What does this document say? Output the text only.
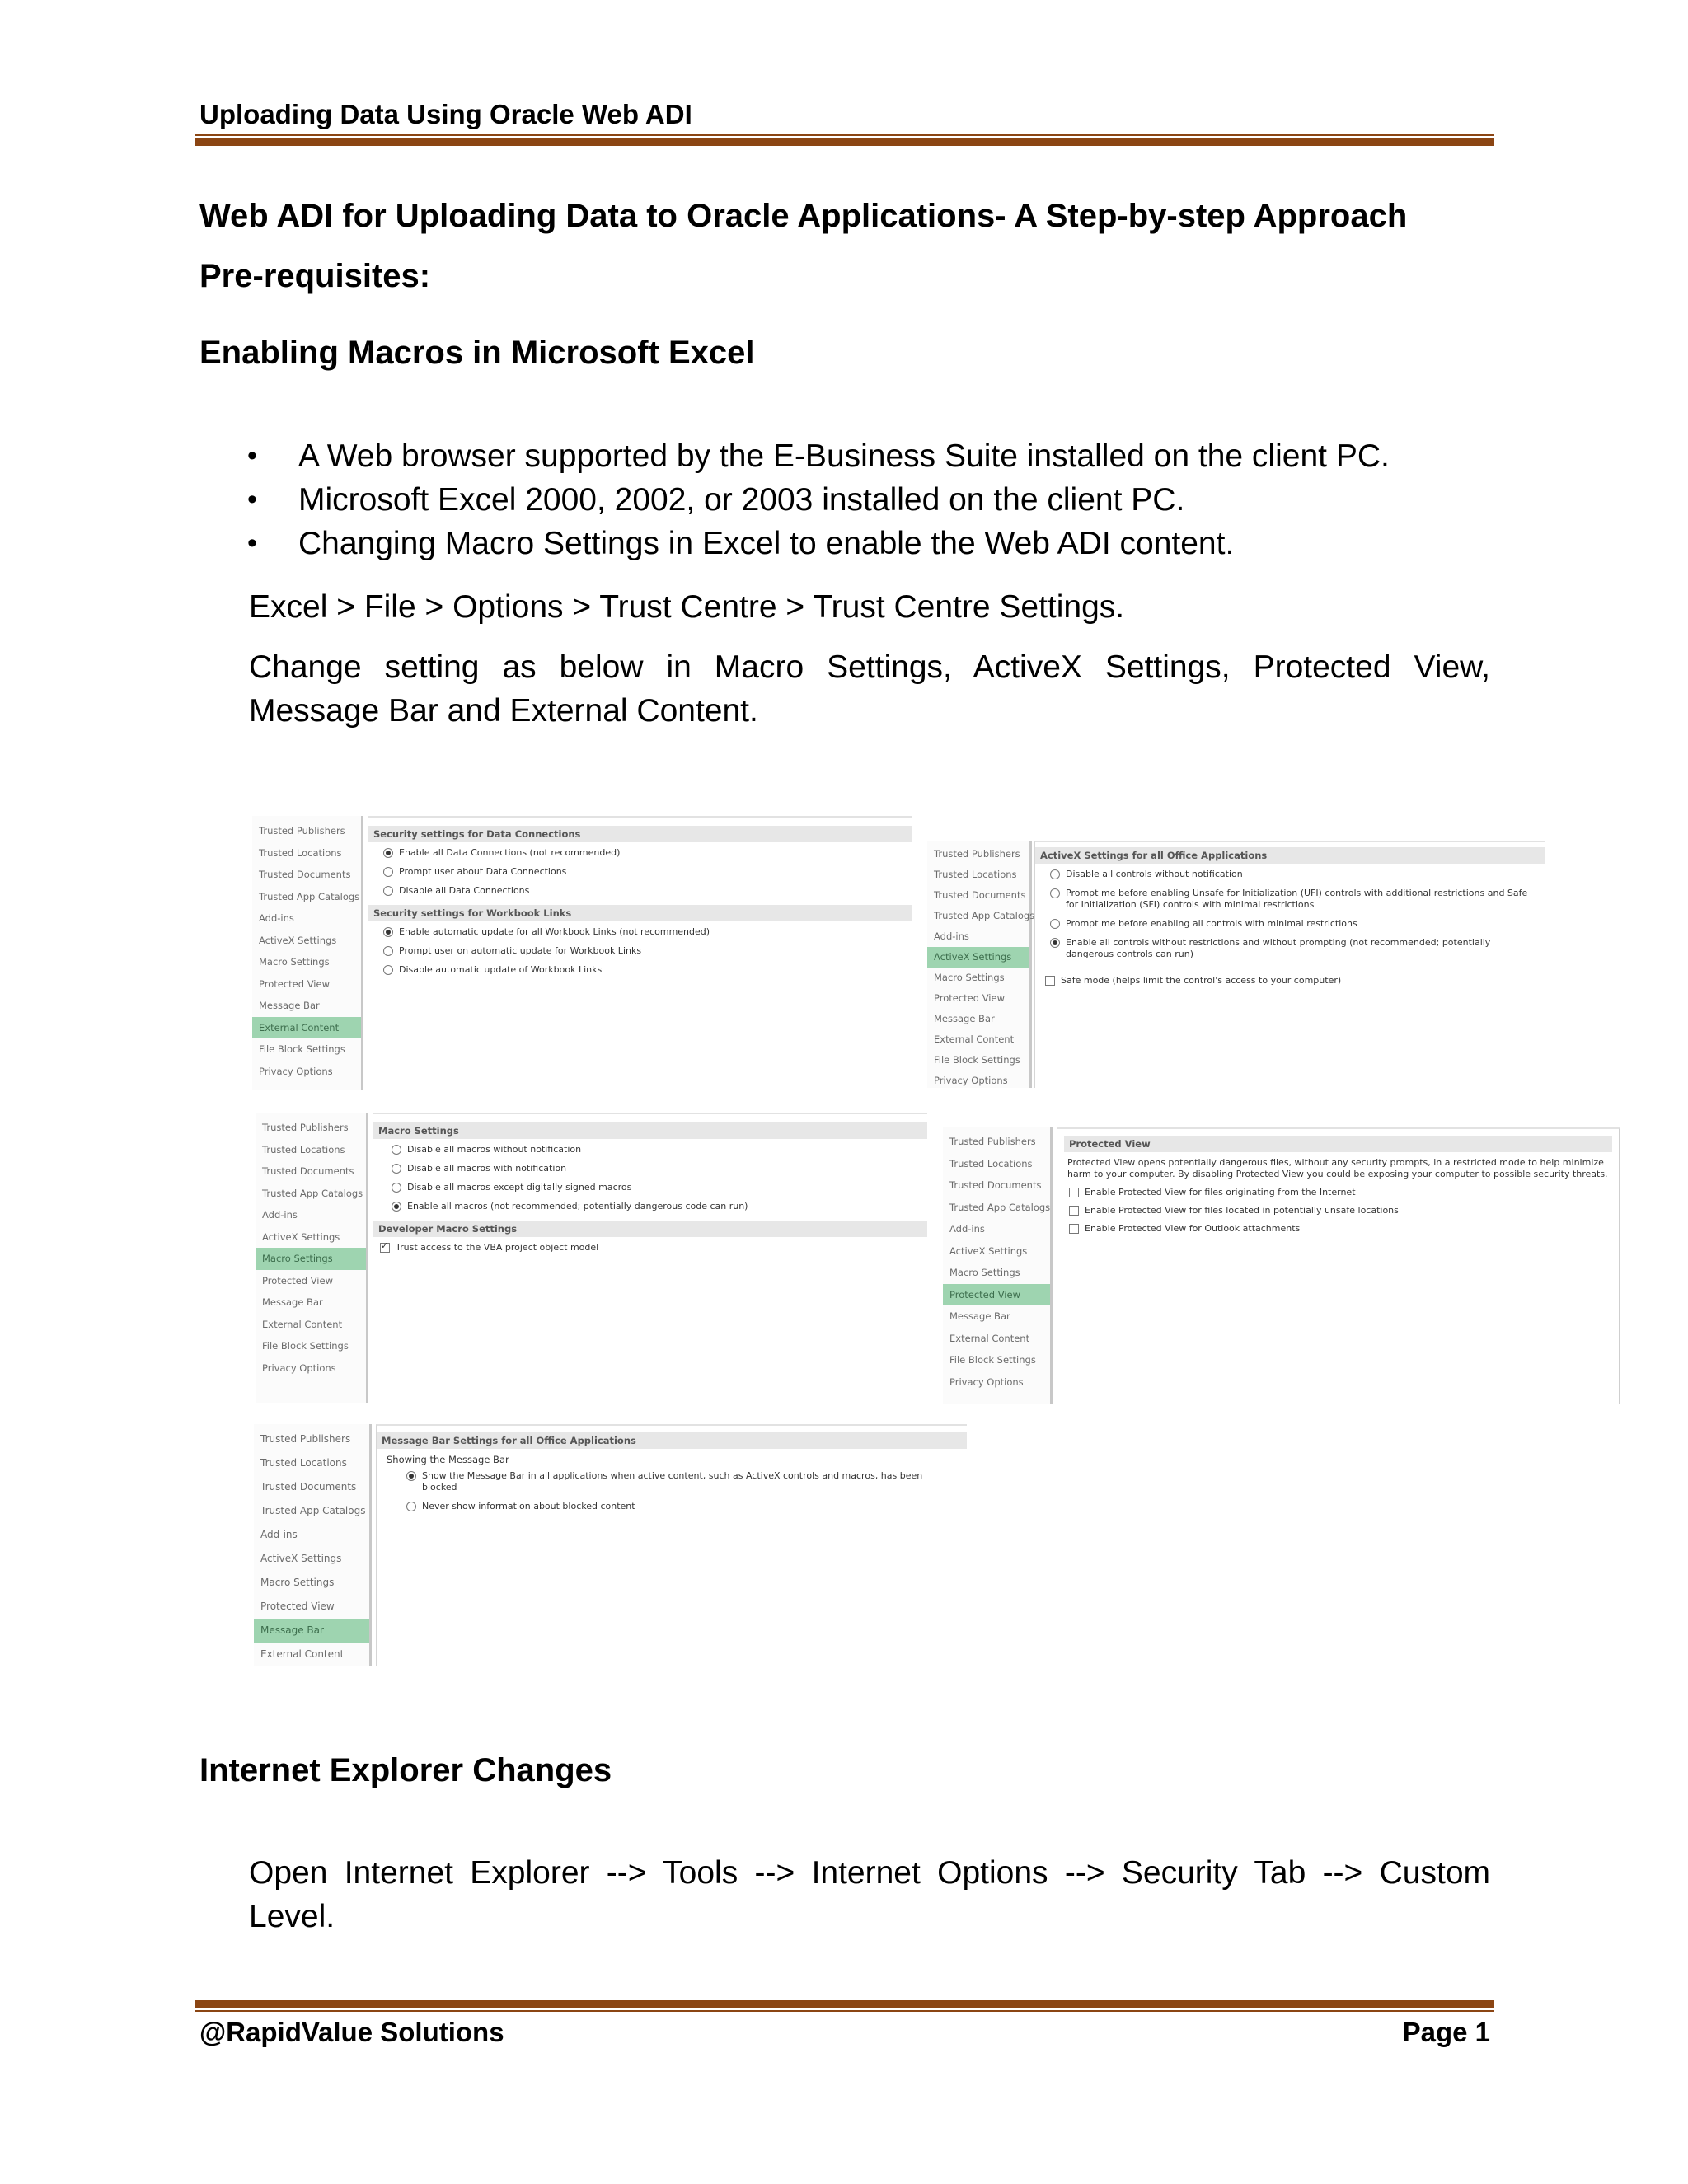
Uploading Data Using Oracle Web ADI
Web ADI for Uploading Data to Oracle Applications- A Step-by-step Approach
Pre-requisites:
Enabling Macros in Microsoft Excel
• A Web browser supported by the E-Business Suite installed on the client PC.
• Microsoft Excel 2000, 2002, or 2003 installed on the client PC.
• Changing Macro Settings in Excel to enable the Web ADI content.
Excel > File > Options > Trust Centre > Trust Centre Settings.
Change setting as below in Macro Settings, ActiveX Settings, Protected View,
Message Bar and External Content.
Trusted Publishers
Trusted Locations
Trusted Documents
Trusted App Catalogs
Add-ins
ActiveX Settings
Macro Settings
Protected View
Message Bar
External Content
File Block Settings
Privacy Options
Security settings for Data Connections
Enable all Data Connections (not recommended)
Prompt user about Data Connections
Disable all Data Connections
Security settings for Workbook Links
Enable automatic update for all Workbook Links (not recommended)
Prompt user on automatic update for Workbook Links
Disable automatic update of Workbook Links
Trusted Publishers
Trusted Locations
Trusted Documents
Trusted App Catalogs
Add-ins
ActiveX Settings
Macro Settings
Protected View
Message Bar
External Content
File Block Settings
Privacy Options
ActiveX Settings for all Office Applications
Disable all controls without notification
Prompt me before enabling Unsafe for Initialization (UFI) controls with additional restrictions and Safe for Initialization (SFI) controls with minimal restrictions
Prompt me before enabling all controls with minimal restrictions
Enable all controls without restrictions and without prompting (not recommended; potentially dangerous controls can run)
Safe mode (helps limit the control's access to your computer)
Trusted Publishers
Trusted Locations
Trusted Documents
Trusted App Catalogs
Add-ins
ActiveX Settings
Macro Settings
Protected View
Message Bar
External Content
File Block Settings
Privacy Options
Macro Settings
Disable all macros without notification
Disable all macros with notification
Disable all macros except digitally signed macros
Enable all macros (not recommended; potentially dangerous code can run)
Developer Macro Settings
✓
Trust access to the VBA project object model
Trusted Publishers
Trusted Locations
Trusted Documents
Trusted App Catalogs
Add-ins
ActiveX Settings
Macro Settings
Protected View
Message Bar
External Content
File Block Settings
Privacy Options
Protected View
Protected View opens potentially dangerous files, without any security prompts, in a restricted mode to help minimize harm to your computer. By disabling Protected View you could be exposing your computer to possible security threats.
Enable Protected View for files originating from the Internet
Enable Protected View for files located in potentially unsafe locations
Enable Protected View for Outlook attachments
Trusted Publishers
Trusted Locations
Trusted Documents
Trusted App Catalogs
Add-ins
ActiveX Settings
Macro Settings
Protected View
Message Bar
External Content
Message Bar Settings for all Office Applications
Showing the Message Bar
Show the Message Bar in all applications when active content, such as ActiveX controls and macros, has been blocked
Never show information about blocked content
Internet Explorer Changes
Open Internet Explorer --> Tools --> Internet Options --> Security Tab --> Custom
Level.
@RapidValue Solutions	Page 1
